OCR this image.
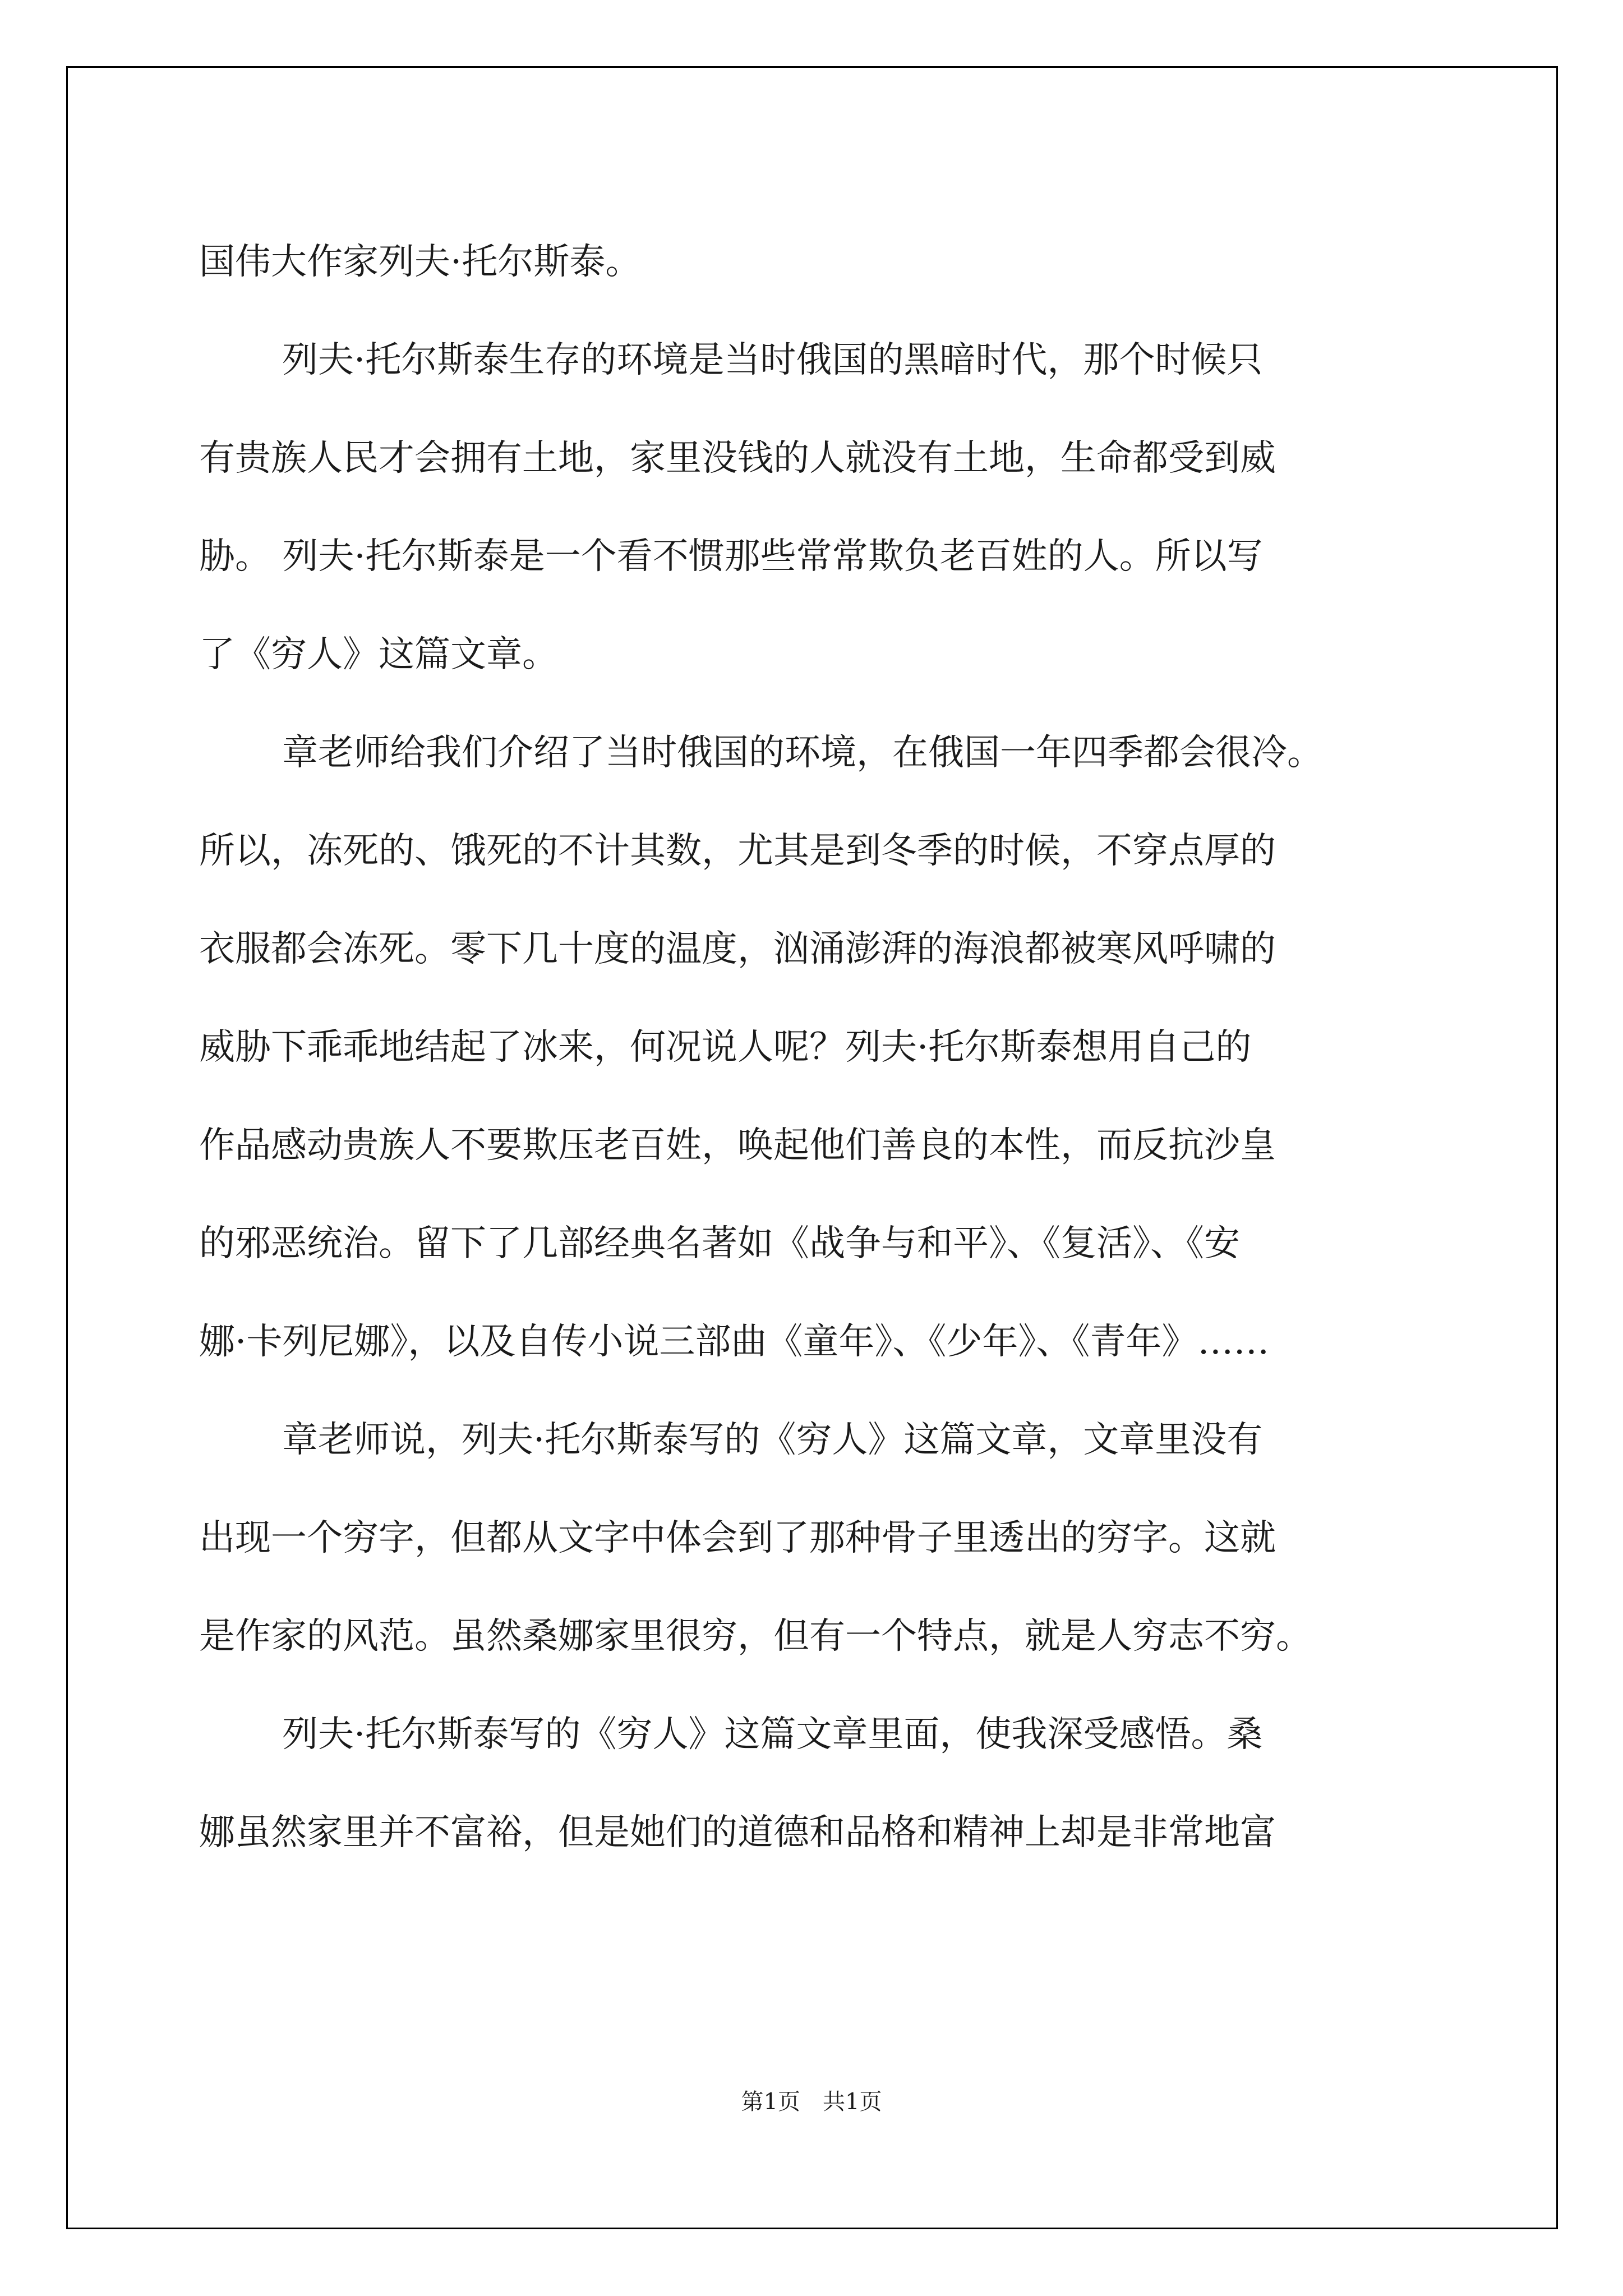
国伟大作家列夫·托尔斯泰。
列夫·托尔斯泰生存的环境是当时俄国的黑暗时代，那个时候只
有贵族人民才会拥有土地，家里没钱的人就没有土地，生命都受到威
胁。 列夫·托尔斯泰是一个看不惯那些常常欺负老百姓的人。所以写
了《穷人》这篇文章。
章老师给我们介绍了当时俄国的环境，在俄国一年四季都会很冷。
所以，冻死的、饿死的不计其数，尤其是到冬季的时候，不穿点厚的
衣服都会冻死。零下几十度的温度，汹涌澎湃的海浪都被寒风呼啸的
威胁下乖乖地结起了冰来，何况说人呢？列夫·托尔斯泰想用自己的
作品感动贵族人不要欺压老百姓，唤起他们善良的本性，而反抗沙皇
的邪恶统治。留下了几部经典名著如《战争与和平》、《复活》、《安
娜·卡列尼娜》，以及自传小说三部曲《童年》、《少年》、《青年》……
章老师说，列夫·托尔斯泰写的《穷人》这篇文章，文章里没有
出现一个穷字，但都从文字中体会到了那种骨子里透出的穷字。这就
是作家的风范。虽然桑娜家里很穷，但有一个特点，就是人穷志不穷。
列夫·托尔斯泰写的《穷人》这篇文章里面，使我深受感悟。桑
娜虽然家里并不富裕，但是她们的道德和品格和精神上却是非常地富
第1页 共1页
